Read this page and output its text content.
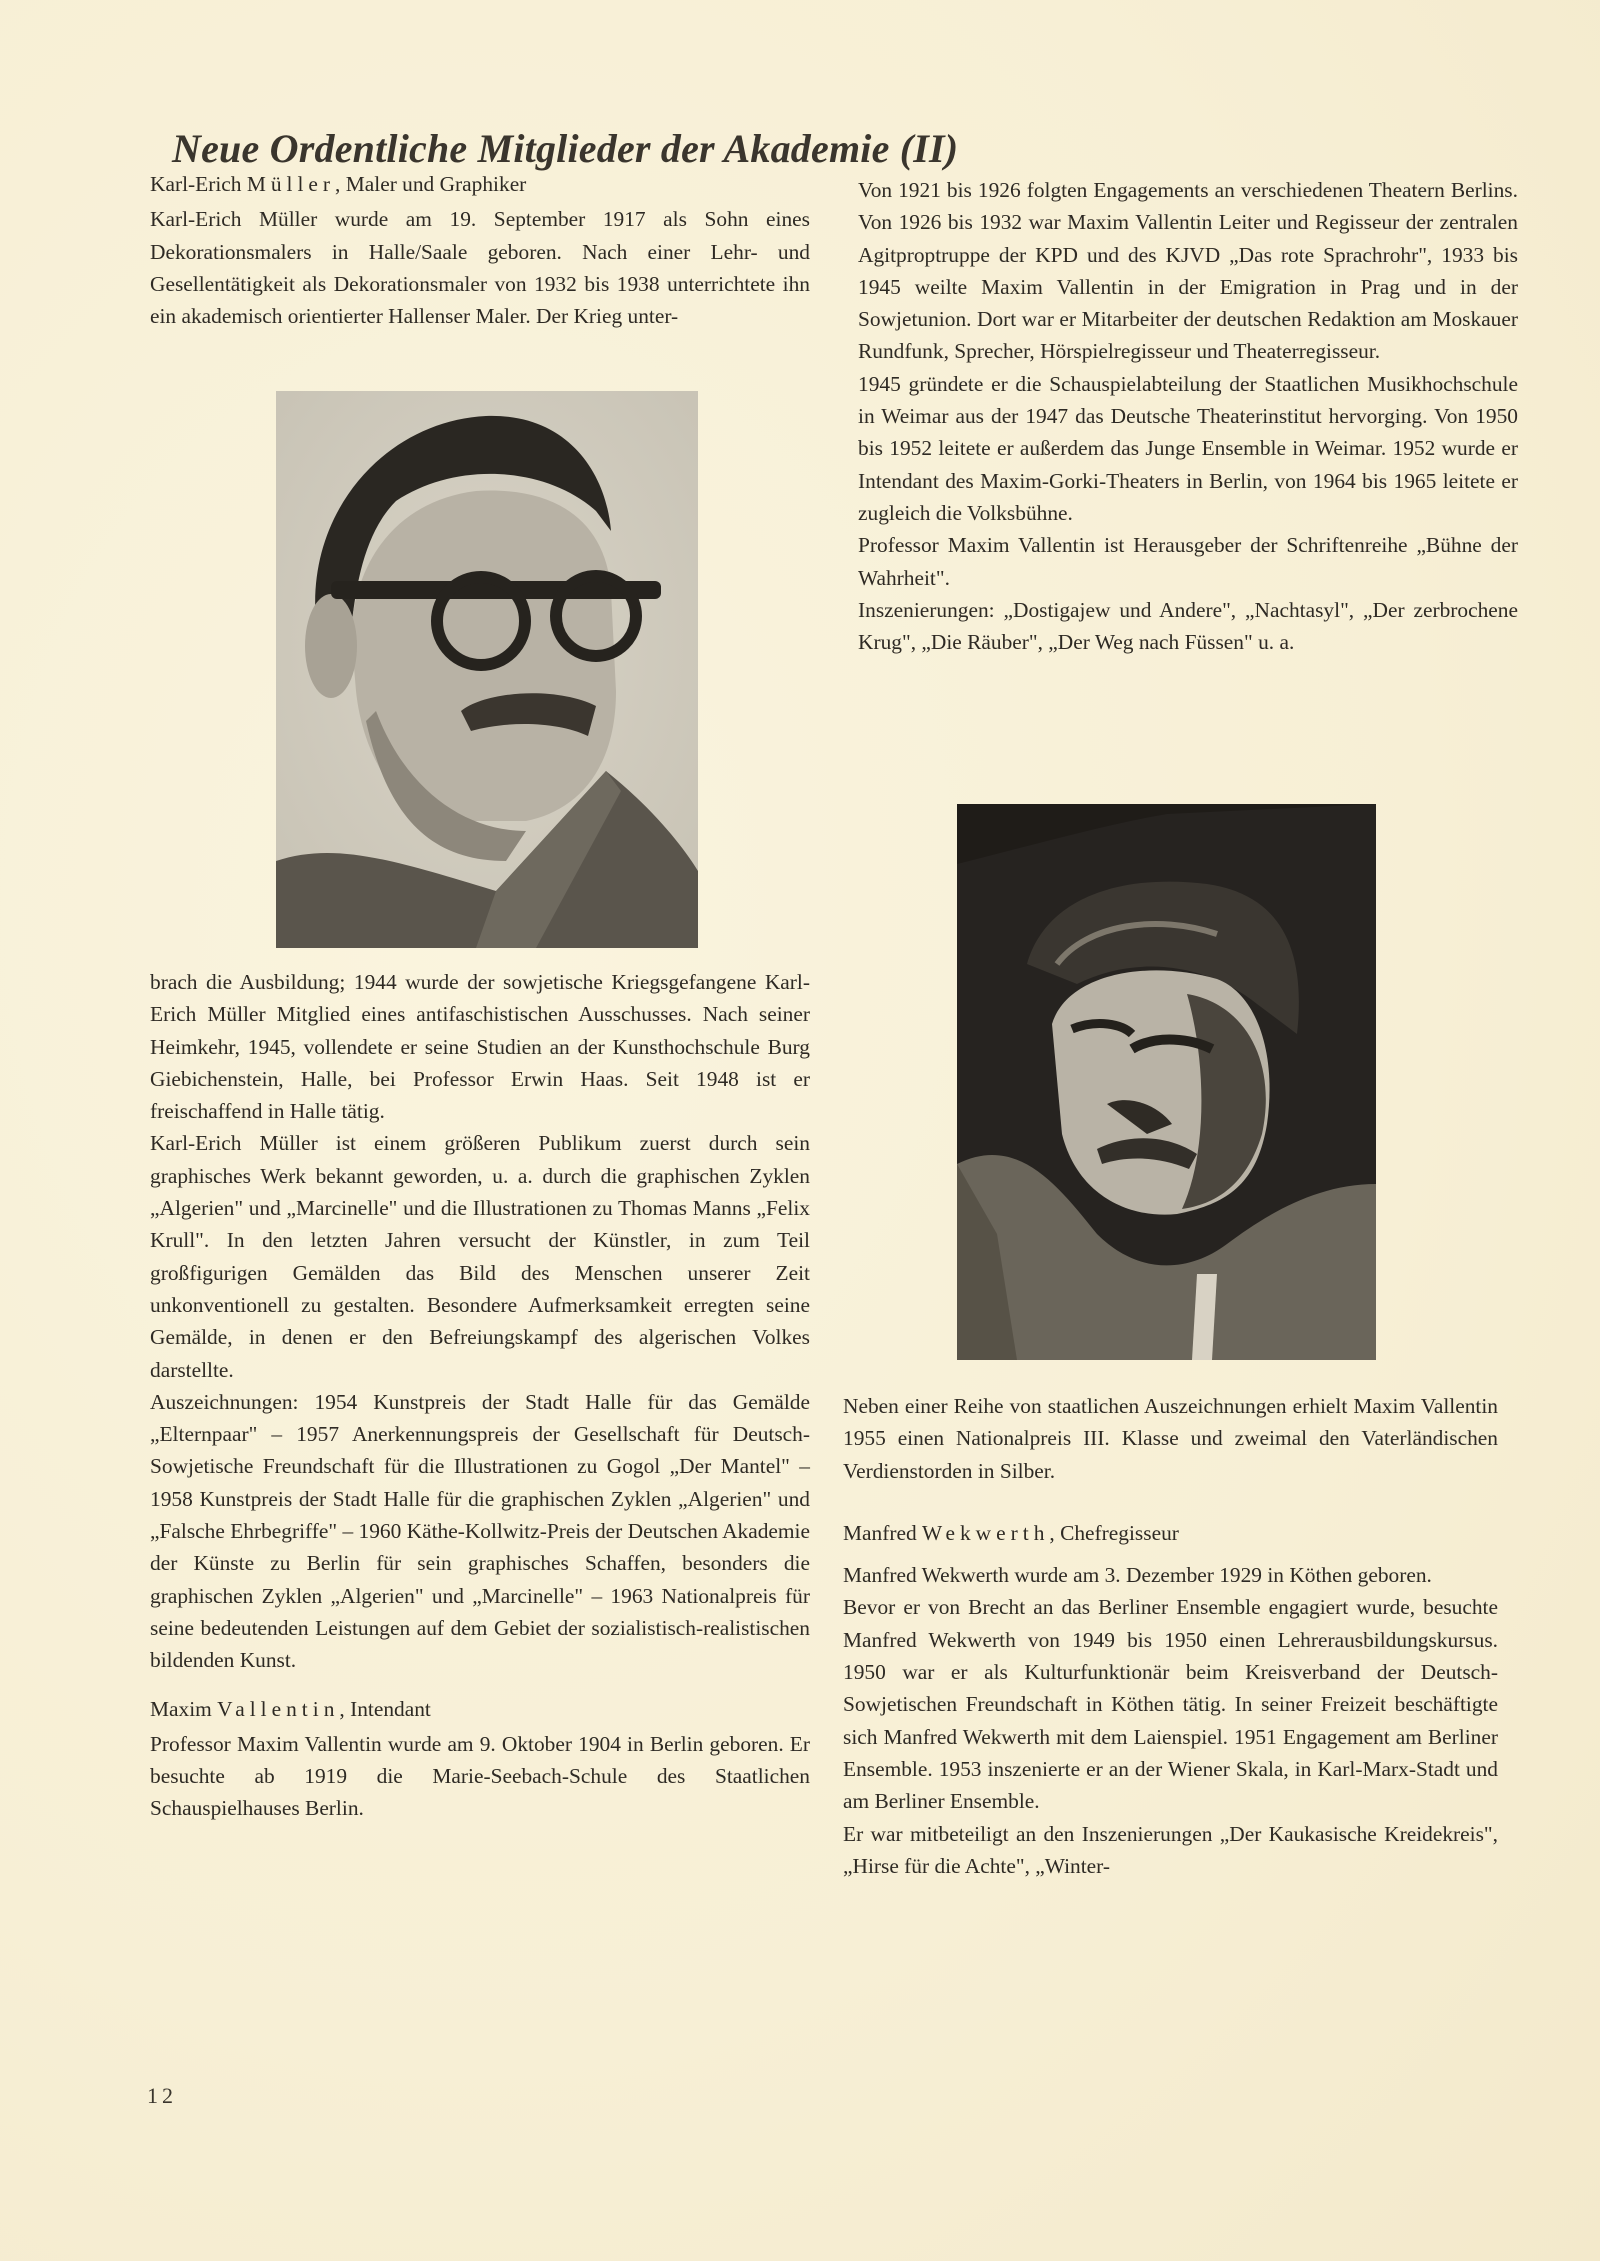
Neue Ordentliche Mitglieder der Akademie (II)

Karl-Erich Müller, Maler und Graphiker

Karl-Erich Müller wurde am 19. September 1917 als Sohn eines Dekorationsmalers in Halle/Saale geboren. Nach einer Lehr- und Gesellentätigkeit als Dekorationsmaler von 1932 bis 1938 unterrichtete ihn ein akademisch orientierter Hallenser Maler. Der Krieg unter-

brach die Ausbildung; 1944 wurde der sowjetische Kriegsgefangene Karl-Erich Müller Mitglied eines antifaschistischen Ausschusses. Nach seiner Heimkehr, 1945, vollendete er seine Studien an der Kunsthochschule Burg Giebichenstein, Halle, bei Professor Erwin Haas. Seit 1948 ist er freischaffend in Halle tätig.

Karl-Erich Müller ist einem größeren Publikum zuerst durch sein graphisches Werk bekannt geworden, u. a. durch die graphischen Zyklen „Algerien" und „Marcinelle" und die Illustrationen zu Thomas Manns „Felix Krull". In den letzten Jahren versucht der Künstler, in zum Teil großfigurigen Gemälden das Bild des Menschen unserer Zeit unkonventionell zu gestalten. Besondere Aufmerksamkeit erregten seine Gemälde, in denen er den Befreiungskampf des algerischen Volkes darstellte.

Auszeichnungen: 1954 Kunstpreis der Stadt Halle für das Gemälde „Elternpaar" – 1957 Anerkennungspreis der Gesellschaft für Deutsch-Sowjetische Freundschaft für die Illustrationen zu Gogol „Der Mantel" – 1958 Kunstpreis der Stadt Halle für die graphischen Zyklen „Algerien" und „Falsche Ehrbegriffe" – 1960 Käthe-Kollwitz-Preis der Deutschen Akademie der Künste zu Berlin für sein graphisches Schaffen, besonders die graphischen Zyklen „Algerien" und „Marcinelle" – 1963 Nationalpreis für seine bedeutenden Leistungen auf dem Gebiet der sozialistisch-realistischen bildenden Kunst.

Maxim Vallentin, Intendant

Professor Maxim Vallentin wurde am 9. Oktober 1904 in Berlin geboren. Er besuchte ab 1919 die Marie-Seebach-Schule des Staatlichen Schauspielhauses Berlin.

Von 1921 bis 1926 folgten Engagements an verschiedenen Theatern Berlins. Von 1926 bis 1932 war Maxim Vallentin Leiter und Regisseur der zentralen Agitproptruppe der KPD und des KJVD „Das rote Sprachrohr", 1933 bis 1945 weilte Maxim Vallentin in der Emigration in Prag und in der Sowjetunion. Dort war er Mitarbeiter der deutschen Redaktion am Moskauer Rundfunk, Sprecher, Hörspielregisseur und Theaterregisseur.

1945 gründete er die Schauspielabteilung der Staatlichen Musikhochschule in Weimar aus der 1947 das Deutsche Theaterinstitut hervorging. Von 1950 bis 1952 leitete er außerdem das Junge Ensemble in Weimar. 1952 wurde er Intendant des Maxim-Gorki-Theaters in Berlin, von 1964 bis 1965 leitete er zugleich die Volksbühne.

Professor Maxim Vallentin ist Herausgeber der Schriftenreihe „Bühne der Wahrheit".

Inszenierungen: „Dostigajew und Andere", „Nachtasyl", „Der zerbrochene Krug", „Die Räuber", „Der Weg nach Füssen" u. a.

Neben einer Reihe von staatlichen Auszeichnungen erhielt Maxim Vallentin 1955 einen Nationalpreis III. Klasse und zweimal den Vaterländischen Verdienstorden in Silber.

Manfred Wekwerth, Chefregisseur

Manfred Wekwerth wurde am 3. Dezember 1929 in Köthen geboren.

Bevor er von Brecht an das Berliner Ensemble engagiert wurde, besuchte Manfred Wekwerth von 1949 bis 1950 einen Lehrerausbildungskursus. 1950 war er als Kulturfunktionär beim Kreisverband der Deutsch-Sowjetischen Freundschaft in Köthen tätig. In seiner Freizeit beschäftigte sich Manfred Wekwerth mit dem Laienspiel. 1951 Engagement am Berliner Ensemble. 1953 inszenierte er an der Wiener Skala, in Karl-Marx-Stadt und am Berliner Ensemble.

Er war mitbeteiligt an den Inszenierungen „Der Kaukasische Kreidekreis", „Hirse für die Achte", „Winter-

12
